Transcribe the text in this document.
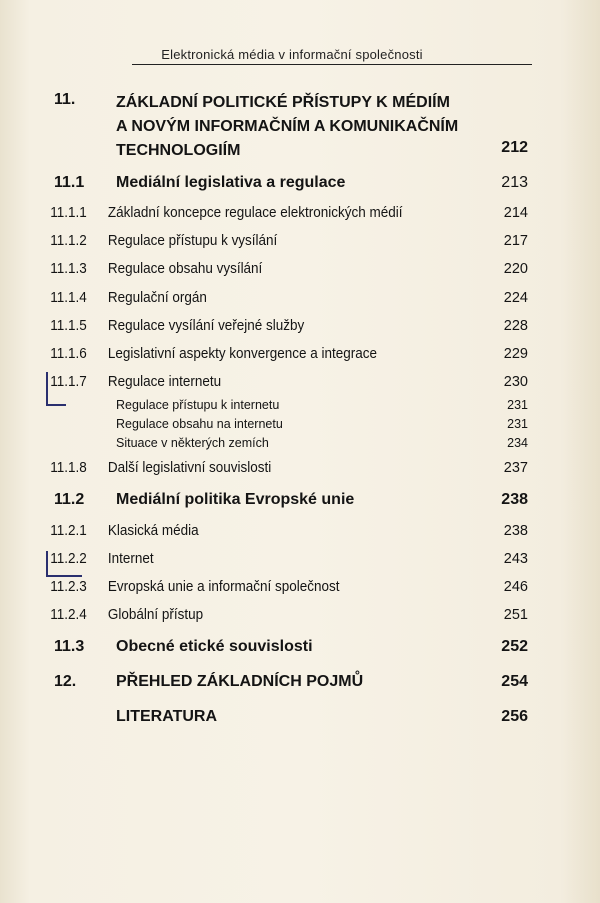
Elektronická média v informační společnosti
11.	ZÁKLADNÍ POLITICKÉ PŘÍSTUPY K MÉDIÍM
A NOVÝM INFORMAČNÍM A KOMUNIKAČNÍM
TECHNOLOGIÍM	212
11.1 Mediální legislativa a regulace	213
11.1.1 Základní koncepce regulace elektronických médií	214
11.1.2 Regulace přístupu k vysílání	217
11.1.3 Regulace obsahu vysílání	220
11.1.4 Regulační orgán	224
11.1.5 Regulace vysílání veřejné služby	228
11.1.6 Legislativní aspekty konvergence a integrace	229
11.1.7 Regulace internetu	230
Regulace přístupu k internetu	231
Regulace obsahu na internetu	231
Situace v některých zemích	234
11.1.8 Další legislativní souvislosti	237
11.2 Mediální politika Evropské unie	238
11.2.1 Klasická média	238
11.2.2 Internet	243
11.2.3 Evropská unie a informační společnost	246
11.2.4 Globální přístup	251
11.3 Obecné etické souvislosti	252
12. PŘEHLED ZÁKLADNÍCH POJMŮ	254
LITERATURA	256
